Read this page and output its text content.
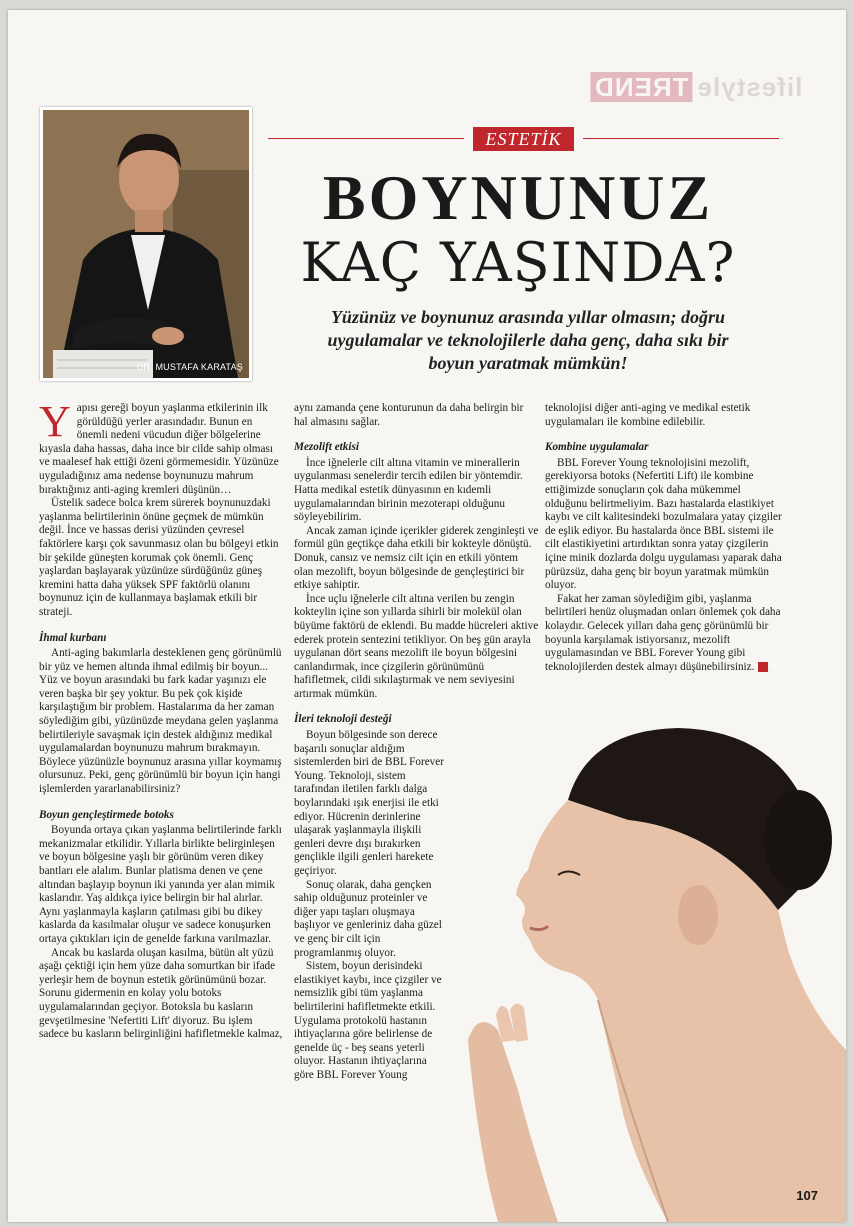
lifestyleTREND
DR. MUSTAFA KARATAŞ
ESTETİK
BOYNUNUZ
KAÇ YAŞINDA?
Yüzünüz ve boynunuz arasında yıllar olmasın; doğru uygulamalar ve teknolojilerle daha genç, daha sıkı bir boyun yaratmak mümkün!

Yapısı gereği boyun yaşlanma etkilerinin ilk görüldüğü yerler arasındadır. Bunun en önemli nedeni vücudun diğer bölgelerine kıyasla daha hassas, daha ince bir cilde sahip olması ve maalesef hak ettiği özeni görmemesidir. Yüzünüze uyguladığınız ama nedense boynunuzu mahrum bıraktığınız anti-aging kremleri düşünün…

Üstelik sadece bolca krem sürerek boynunuzdaki yaşlanma belirtilerinin önüne geçmek de mümkün değil. İnce ve hassas derisi yüzünden çevresel faktörlere karşı çok savunmasız olan bu bölgeyi etkin bir şekilde güneşten korumak çok önemli. Genç yaşlardan başlayarak yüzünüze sürdüğünüz güneş kremini hatta daha yüksek SPF faktörlü olanını boynunuz için de kullanmaya başlamak etkili bir strateji.

İhmal kurbanı

Anti-aging bakımlarla desteklenen genç görünümlü bir yüz ve hemen altında ihmal edilmiş bir boyun... Yüz ve boyun arasındaki bu fark kadar yaşınızı ele veren başka bir şey yoktur. Bu pek çok kişide karşılaştığım bir problem. Hastalarıma da her zaman söylediğim gibi, yüzünüzde meydana gelen yaşlanma belirtileriyle savaşmak için destek aldığınız medikal uygulamalardan boynunuzu mahrum bırakmayın. Böylece yüzünüzle boynunuz arasına yıllar koymamış olursunuz. Peki, genç görünümlü bir boyun için hangi işlemlerden yararlanabilirsiniz?

Boyun gençleştirmede botoks

Boyunda ortaya çıkan yaşlanma belirtilerinde farklı mekanizmalar etkilidir. Yıllarla birlikte belirginleşen ve boyun bölgesine yaşlı bir görünüm veren dikey bantları ele alalım. Bunlar platisma denen ve çene altından başlayıp boynun iki yanında yer alan mimik kaslarıdır. Yaş aldıkça iyice belirgin bir hal alırlar. Aynı yaşlanmayla kaşların çatılması gibi bu dikey kaslarda da kasılmalar oluşur ve sadece konuşurken ortaya çıktıkları için de genelde farkına varılmazlar.

Ancak bu kaslarda oluşan kasılma, bütün alt yüzü aşağı çektiği için hem yüze daha somurtkan bir ifade yerleşir hem de boynun estetik görünümünü bozar. Sorunu gidermenin en kolay yolu botoks uygulamalarından geçiyor. Botoksla bu kasların gevşetilmesine 'Nefertiti Lift' diyoruz. Bu işlem sadece bu kasların belirginliğini hafifletmekle kalmaz,

aynı zamanda çene konturunun da daha belirgin bir hal almasını sağlar.

Mezolift etkisi

İnce iğnelerle cilt altına vitamin ve minerallerin uygulanması senelerdir tercih edilen bir yöntemdir. Hatta medikal estetik dünyasının en kıdemli uygulamalarından birinin mezoterapi olduğunu söyleyebilirim.

Ancak zaman içinde içerikler giderek zenginleşti ve formül gün geçtikçe daha etkili bir kokteyle dönüştü. Donuk, cansız ve nemsiz cilt için en etkili yöntem olan mezolift, boyun bölgesinde de gençleştirici bir etkiye sahiptir.

İnce uçlu iğnelerle cilt altına verilen bu zengin kokteylin içine son yıllarda sihirli bir molekül olan büyüme faktörü de eklendi. Bu madde hücreleri aktive ederek protein sentezini tetikliyor. On beş gün arayla uygulanan dört seans mezolift ile boyun bölgesini canlandırmak, ince çizgilerin görünümünü hafifletmek, cildi sıkılaştırmak ve nem seviyesini artırmak mümkün.

İleri teknoloji desteği

Boyun bölgesinde son derece başarılı sonuçlar aldığım sistemlerden biri de BBL Forever Young. Teknoloji, sistem tarafından iletilen farklı dalga boylarındaki ışık enerjisi ile etki ediyor. Hücrenin derinlerine ulaşarak yaşlanmayla ilişkili genleri devre dışı bırakırken gençlikle ilgili genleri harekete geçiriyor.

Sonuç olarak, daha gençken sahip olduğunuz proteinler ve diğer yapı taşları oluşmaya başlıyor ve genleriniz daha güzel ve genç bir cilt için programlanmış oluyor.

Sistem, boyun derisindeki elastikiyet kaybı, ince çizgiler ve nemsizlik gibi tüm yaşlanma belirtilerini hafifletmekte etkili. Uygulama protokolü hastanın ihtiyaçlarına göre belirlense de genelde üç - beş seans yeterli oluyor. Hastanın ihtiyaçlarına göre BBL Forever Young

teknolojisi diğer anti-aging ve medikal estetik uygulamaları ile kombine edilebilir.

Kombine uygulamalar

BBL Forever Young teknolojisini mezolift, gerekiyorsa botoks (Nefertiti Lift) ile kombine ettiğimizde sonuçların çok daha mükemmel olduğunu belirtmeliyim. Bazı hastalarda elastikiyet kaybı ve cilt kalitesindeki bozulmalara yatay çizgiler de eşlik ediyor. Bu hastalarda önce BBL sistemi ile cilt elastikiyetini artırdıktan sonra yatay çizgilerin içine minik dozlarda dolgu uygulaması yaparak daha pürüzsüz, daha genç bir boyun yaratmak mümkün oluyor.

Fakat her zaman söylediğim gibi, yaşlanma belirtileri henüz oluşmadan onları önlemek çok daha kolaydır. Gelecek yılları daha genç görünümlü bir boyunla karşılamak istiyorsanız, mezolift uygulamasından ve BBL Forever Young gibi teknolojilerden destek almayı düşünebilirsiniz. H

107
